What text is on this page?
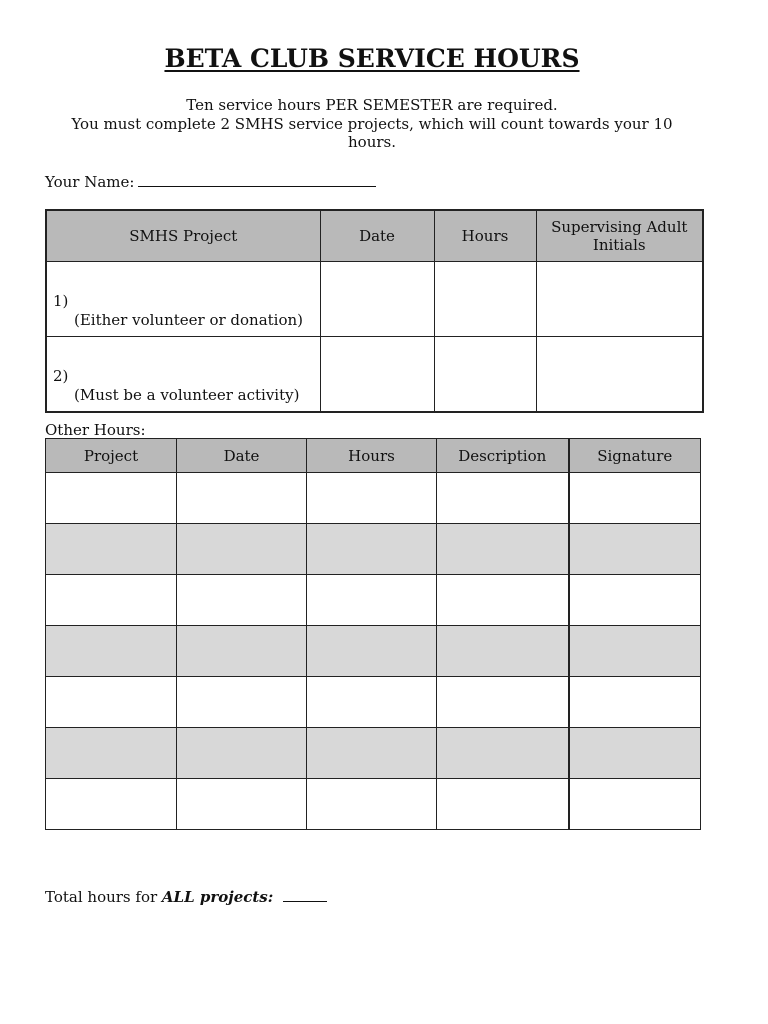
BETA CLUB SERVICE HOURS
Ten service hours PER SEMESTER are required.
You must complete 2 SMHS service projects, which will count towards your 10
hours.
Your Name:
SMHS Project	Date	Hours	Supervising Adult Initials

1)
(Either volunteer or donation)			

2)
(Must be a volunteer activity)			

Other Hours:
Project	Date	Hours	Description	Signature

Total hours for ALL projects:
